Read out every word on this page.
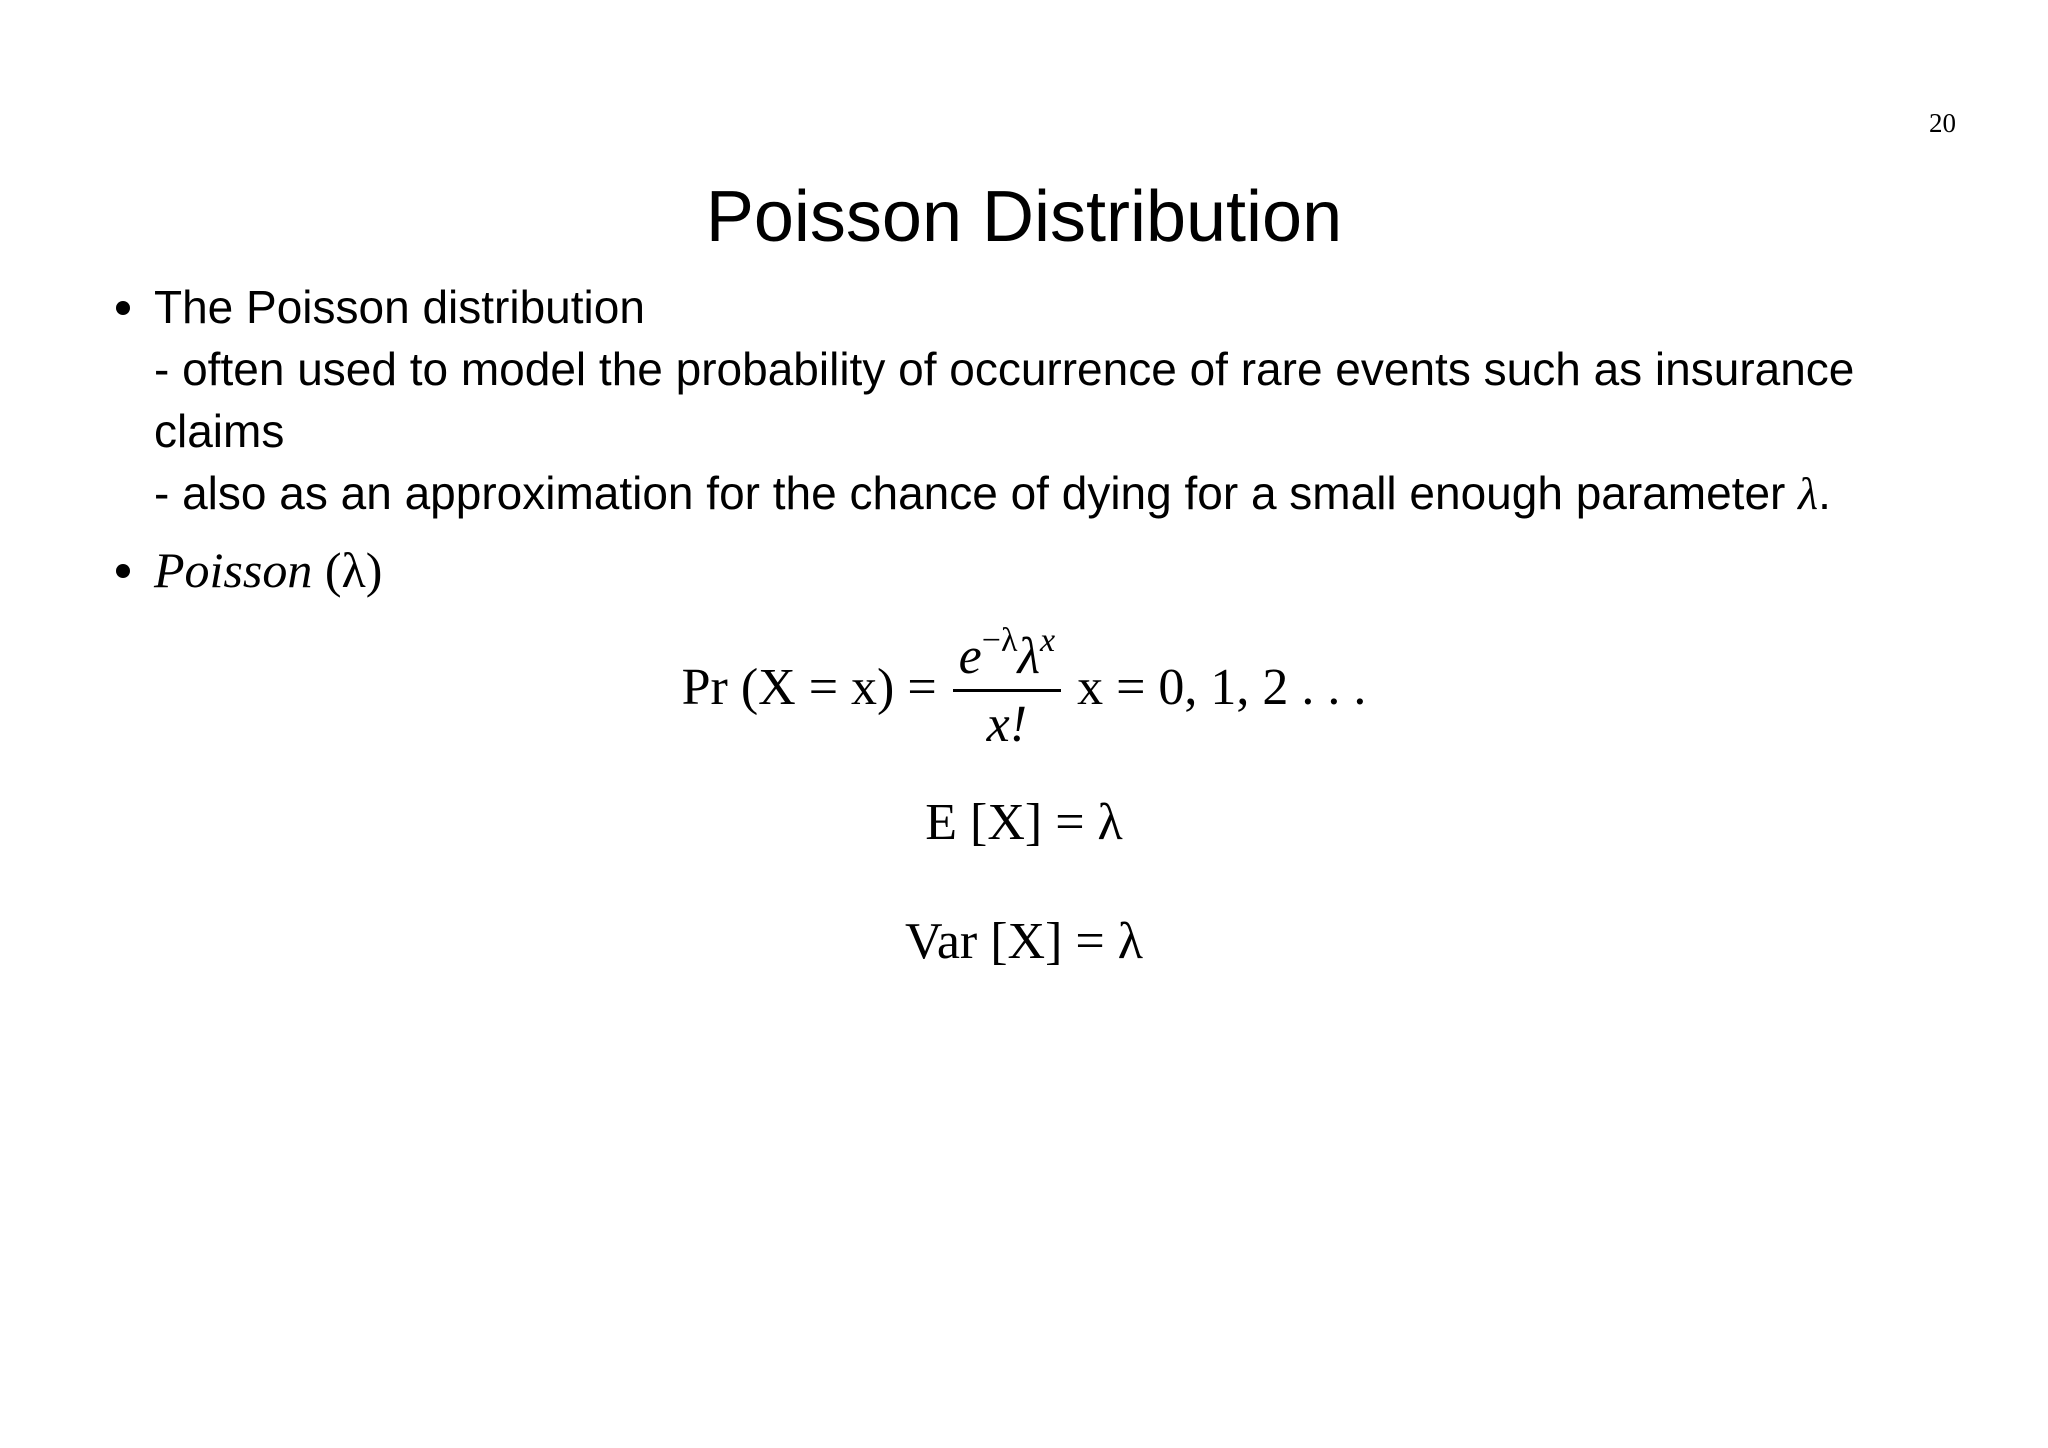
20
Poisson Distribution
The Poisson distribution
- often used to model the probability of occurrence of rare events such as insurance claims
- also as an approximation for the chance of dying for a small enough parameter λ.
Poisson (λ)
Pr $(X = x) = \frac{e^{-\lambda}\lambda^x}{x!}$ x = 0, 1, 2 . . .
E [X] = λ
Var [X] = λ
